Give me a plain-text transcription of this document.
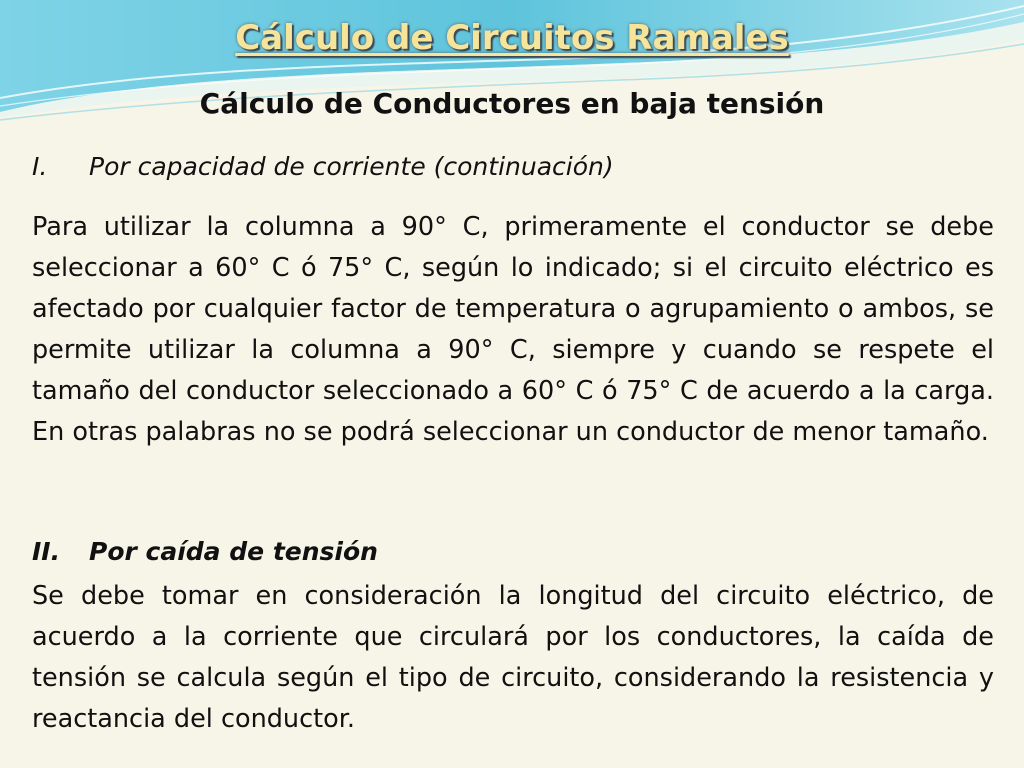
Cálculo de Circuitos Ramales
Cálculo de Conductores en baja tensión
I. Por capacidad de corriente (continuación)
Para utilizar la columna a 90° C, primeramente el conductor se debe seleccionar a 60° C ó 75° C, según lo indicado; si el circuito eléctrico es afectado por cualquier factor de temperatura o agrupamiento o ambos, se permite utilizar la columna a 90° C, siempre y cuando se respete el tamaño del conductor seleccionado a 60° C ó 75° C de acuerdo a la carga. En otras palabras no se podrá seleccionar un conductor de menor tamaño.
II. Por caída de tensión
Se debe tomar en consideración la longitud del circuito eléctrico, de acuerdo a la corriente que circulará por los conductores, la caída de tensión se calcula según el tipo de circuito, considerando la resistencia y reactancia del conductor.
